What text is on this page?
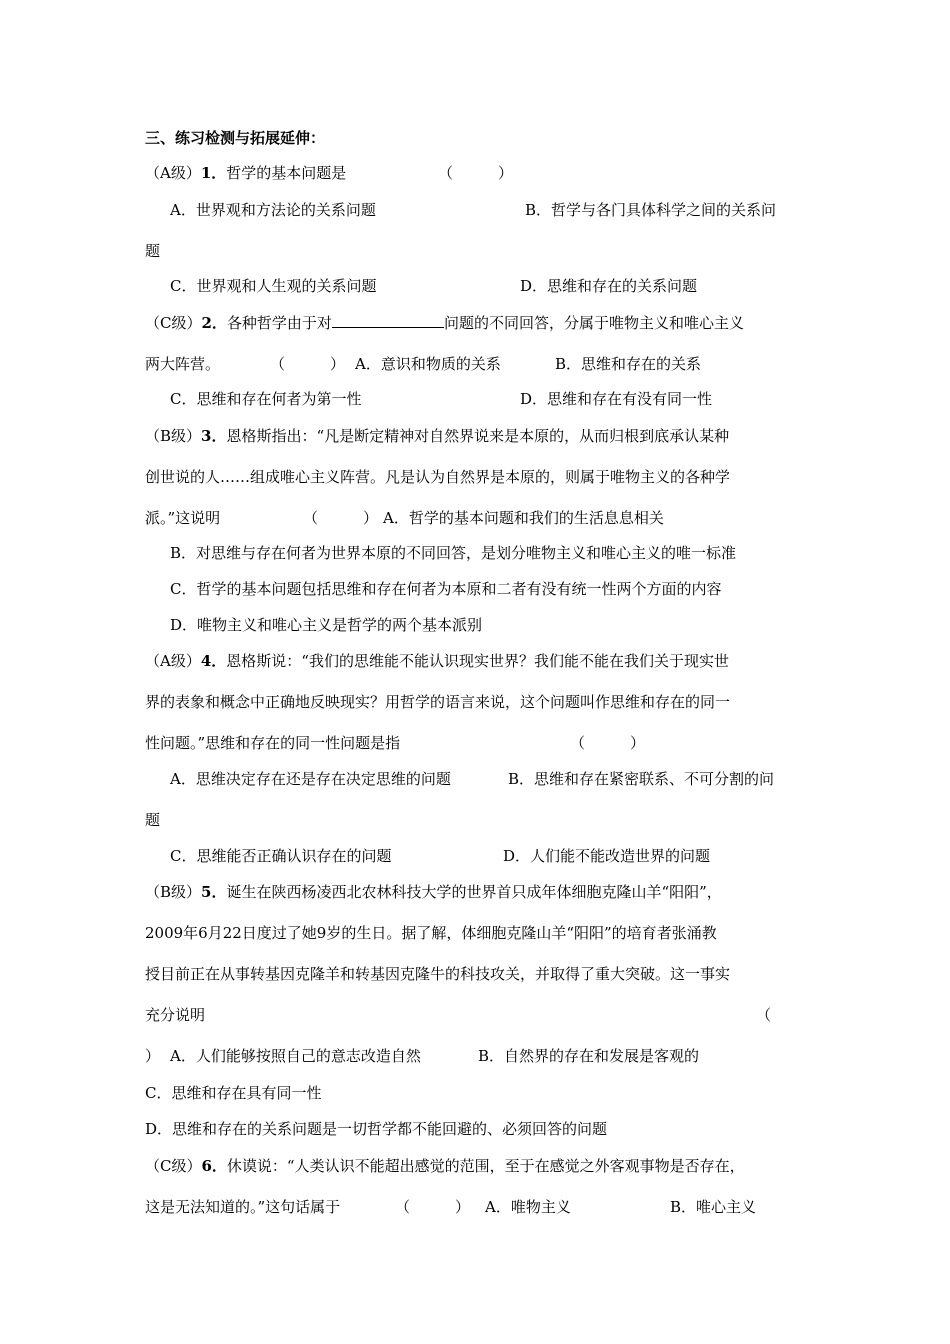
三、练习检测与拓展延伸：
（A级）1．哲学的基本问题是	（　　　）
A．世界观和方法论的关系问题	B．哲学与各门具体科学之间的关系问
题
C．世界观和人生观的关系问题	D．思维和存在的关系问题
（C级）2．各种哲学由于对	问题的不同回答，分属于唯物主义和唯心主义
两大阵营。	（　　　） A．意识和物质的关系	B．思维和存在的关系
C．思维和存在何者为第一性	D．思维和存在有没有同一性
（B级）3．恩格斯指出：“凡是断定精神对自然界说来是本原的，从而归根到底承认某种
创世说的人……组成唯心主义阵营。凡是认为自然界是本原的，则属于唯物主义的各种学
派。”这说明	（　　　） A．哲学的基本问题和我们的生活息息相关
B．对思维与存在何者为世界本原的不同回答，是划分唯物主义和唯心主义的唯一标准
C．哲学的基本问题包括思维和存在何者为本原和二者有没有统一性两个方面的内容
D．唯物主义和唯心主义是哲学的两个基本派别
（A级）4．恩格斯说：“我们的思维能不能认识现实世界？我们能不能在我们关于现实世
界的表象和概念中正确地反映现实？用哲学的语言来说，这个问题叫作思维和存在的同一
性问题。”思维和存在的同一性问题是指	（　　　）
A．思维决定存在还是存在决定思维的问题	B．思维和存在紧密联系、不可分割的问
题
C．思维能否正确认识存在的问题	D．人们能不能改造世界的问题
（B级）5．诞生在陕西杨凌西北农林科技大学的世界首只成年体细胞克隆山羊“阳阳”，
2009年6月22日度过了她9岁的生日。据了解，体细胞克隆山羊“阳阳”的培育者张涌教
授目前正在从事转基因克隆羊和转基因克隆牛的科技攻关，并取得了重大突破。这一事实
充分说明	（
） A．人们能够按照自己的意志改造自然	B．自然界的存在和发展是客观的
C．思维和存在具有同一性
D．思维和存在的关系问题是一切哲学都不能回避的、必须回答的问题
（C级）6．休谟说：“人类认识不能超出感觉的范围，至于在感觉之外客观事物是否存在，
这是无法知道的。”这句话属于	（　　　） A．唯物主义	B．唯心主义
